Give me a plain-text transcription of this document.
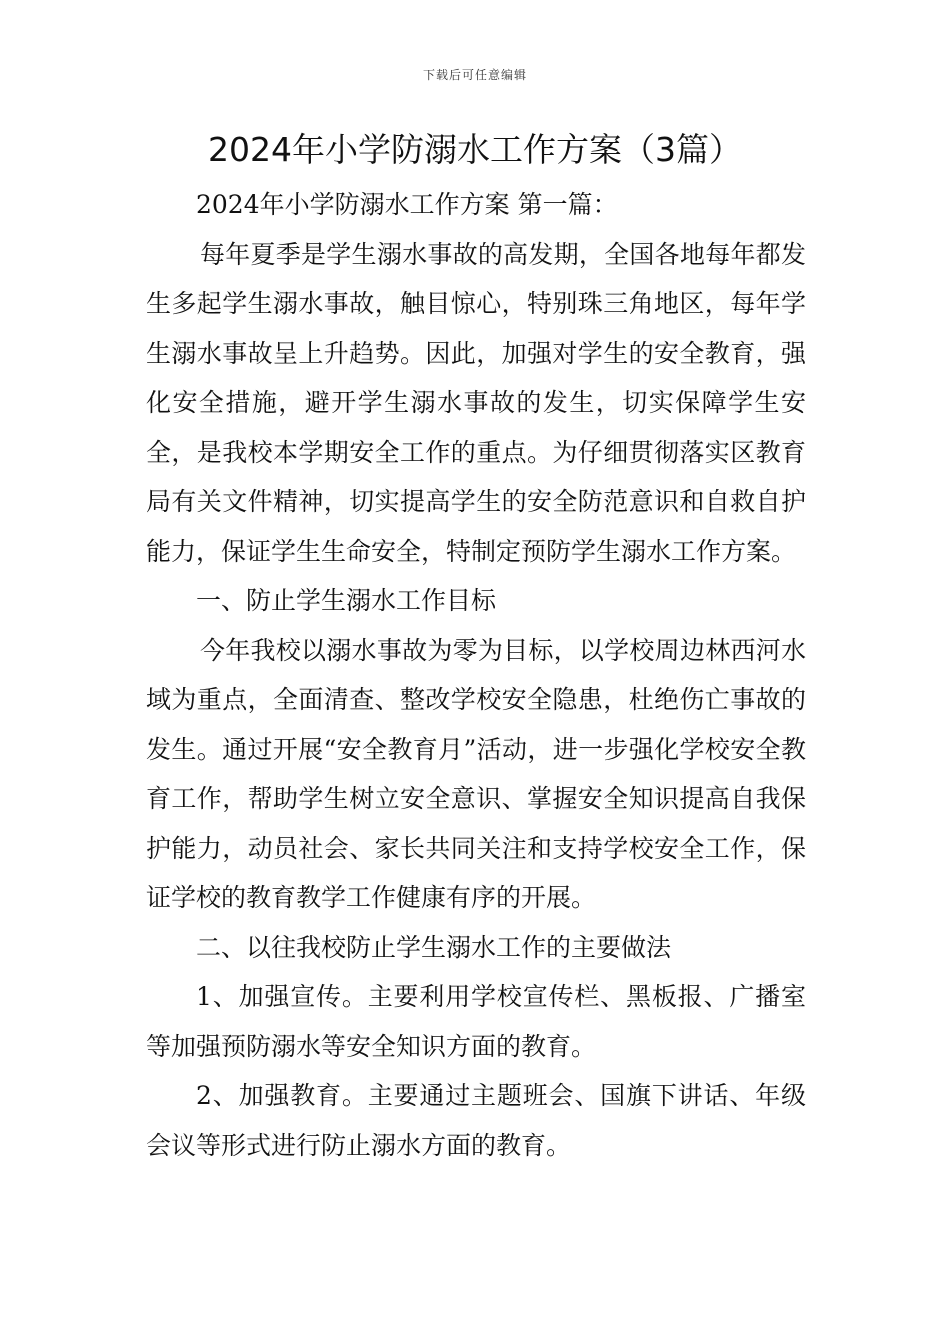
下载后可任意编辑
2024年小学防溺水工作方案（3篇）

2024年小学防溺水工作方案 第一篇：

每年夏季是学生溺水事故的高发期，全国各地每年都发生多起学生溺水事故，触目惊心，特别珠三角地区，每年学生溺水事故呈上升趋势。因此，加强对学生的安全教育，强化安全措施，避开学生溺水事故的发生，切实保障学生安全，是我校本学期安全工作的重点。为仔细贯彻落实区教育局有关文件精神，切实提高学生的安全防范意识和自救自护能力，保证学生生命安全，特制定预防学生溺水工作方案。

一、防止学生溺水工作目标

今年我校以溺水事故为零为目标，以学校周边林西河水域为重点，全面清查、整改学校安全隐患，杜绝伤亡事故的发生。通过开展“安全教育月”活动，进一步强化学校安全教育工作，帮助学生树立安全意识、掌握安全知识提高自我保护能力，动员社会、家长共同关注和支持学校安全工作，保证学校的教育教学工作健康有序的开展。

二、以往我校防止学生溺水工作的主要做法

1、加强宣传。主要利用学校宣传栏、黑板报、广播室等加强预防溺水等安全知识方面的教育。

2、加强教育。主要通过主题班会、国旗下讲话、年级会议等形式进行防止溺水方面的教育。
